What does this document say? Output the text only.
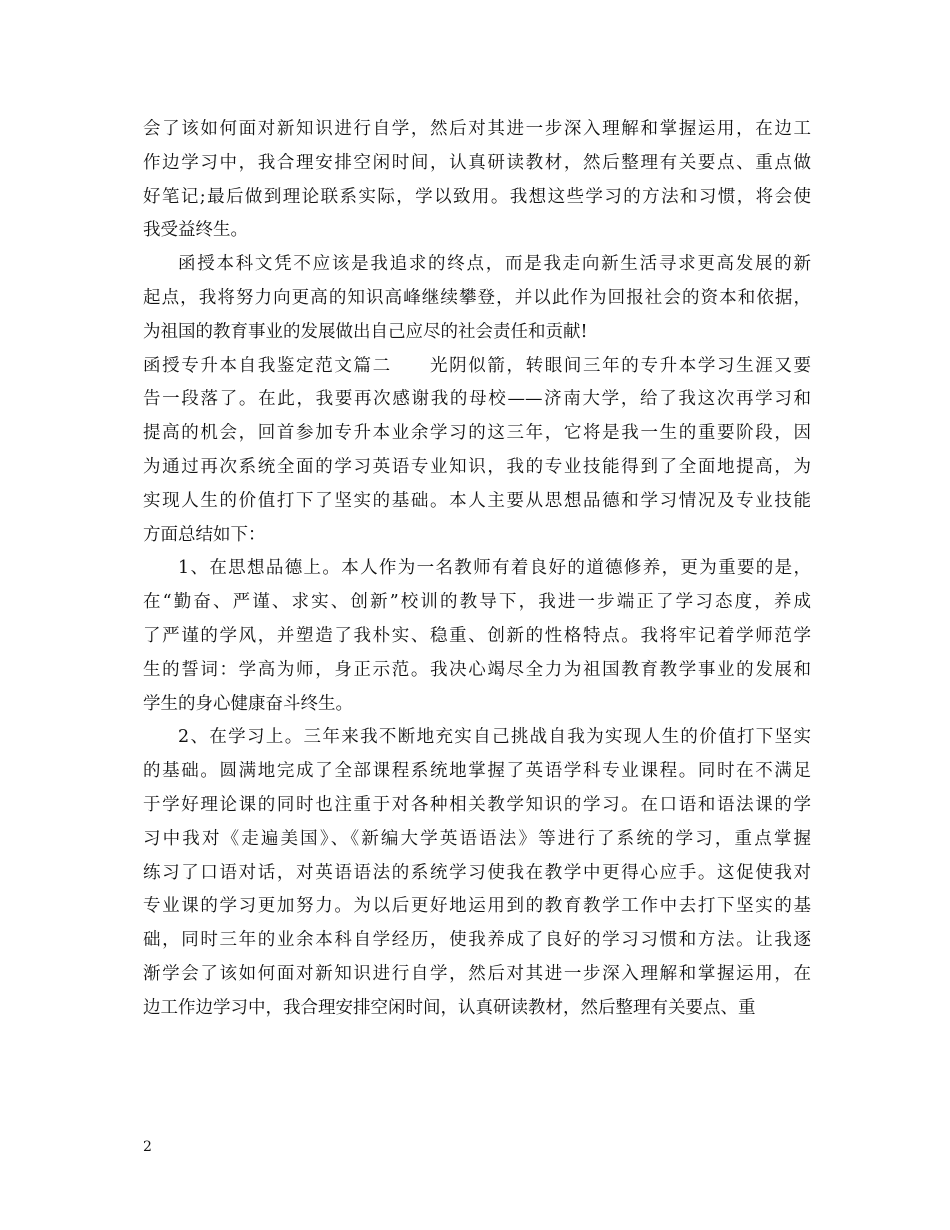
会了该如何面对新知识进行自学，然后对其进一步深入理解和掌握运用，在边工
作边学习中，我合理安排空闲时间，认真研读教材，然后整理有关要点、重点做
好笔记;最后做到理论联系实际，学以致用。我想这些学习的方法和习惯，将会使
我受益终生。
函授本科文凭不应该是我追求的终点，而是我走向新生活寻求更高发展的新
起点，我将努力向更高的知识高峰继续攀登，并以此作为回报社会的资本和依据，
为祖国的教育事业的发展做出自己应尽的社会责任和贡献!
函授专升本自我鉴定范文篇二　　光阴似箭，转眼间三年的专升本学习生涯又要
告一段落了。在此，我要再次感谢我的母校——济南大学，给了我这次再学习和
提高的机会，回首参加专升本业余学习的这三年，它将是我一生的重要阶段，因
为通过再次系统全面的学习英语专业知识，我的专业技能得到了全面地提高，为
实现人生的价值打下了坚实的基础。本人主要从思想品德和学习情况及专业技能
方面总结如下：
1、在思想品德上。本人作为一名教师有着良好的道德修养，更为重要的是，
在“勤奋、严谨、求实、创新”校训的教导下，我进一步端正了学习态度，养成
了严谨的学风，并塑造了我朴实、稳重、创新的性格特点。我将牢记着学师范学
生的誓词：学高为师，身正示范。我决心竭尽全力为祖国教育教学事业的发展和
学生的身心健康奋斗终生。
2、在学习上。三年来我不断地充实自己挑战自我为实现人生的价值打下坚实
的基础。圆满地完成了全部课程系统地掌握了英语学科专业课程。同时在不满足
于学好理论课的同时也注重于对各种相关教学知识的学习。在口语和语法课的学
习中我对《走遍美国》、《新编大学英语语法》等进行了系统的学习，重点掌握
练习了口语对话，对英语语法的系统学习使我在教学中更得心应手。这促使我对
专业课的学习更加努力。为以后更好地运用到的教育教学工作中去打下坚实的基
础，同时三年的业余本科自学经历，使我养成了良好的学习习惯和方法。让我逐
渐学会了该如何面对新知识进行自学，然后对其进一步深入理解和掌握运用，在
边工作边学习中，我合理安排空闲时间，认真研读教材，然后整理有关要点、重
2
